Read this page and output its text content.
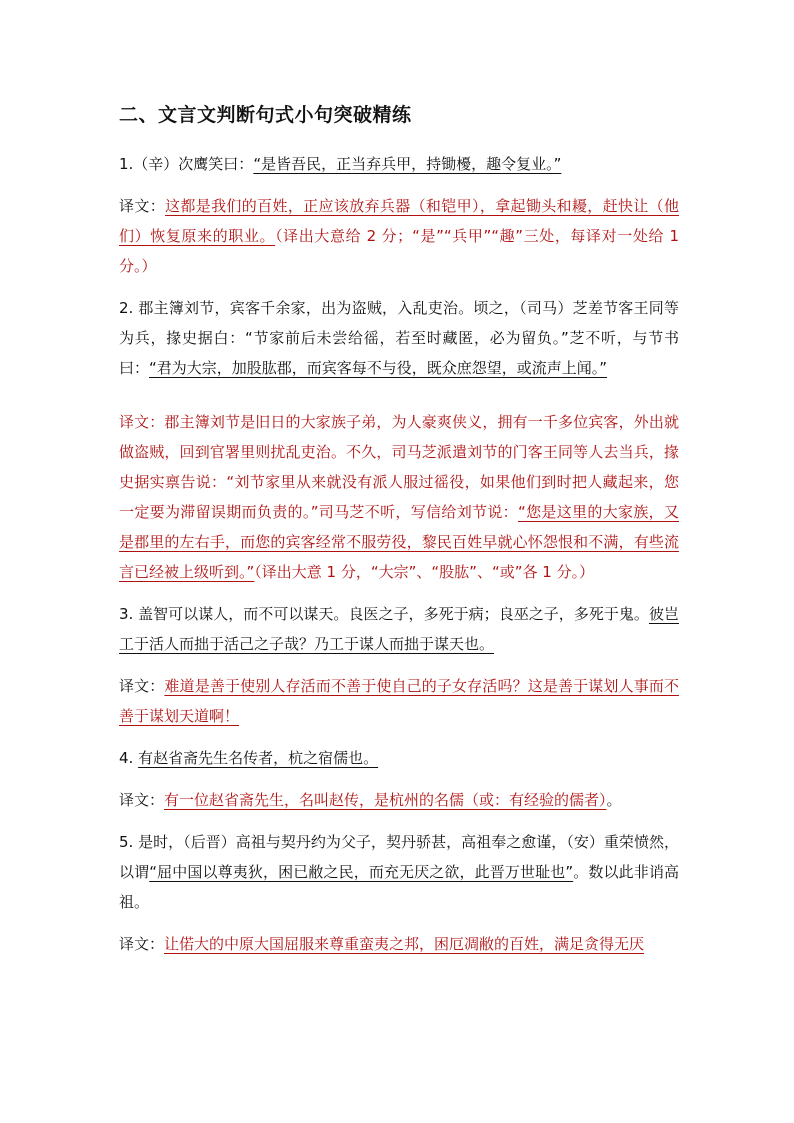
二、文言文判断句式小句突破精练

1.（辛）次鹰笑曰：“是皆吾民，正当弃兵甲，持锄櫌，趣令复业。”

译文：这都是我们的百姓，正应该放弃兵器（和铠甲），拿起锄头和耰，赶快让（他们）恢复原来的职业。（译出大意给 2 分；“是”“兵甲”“趣”三处，每译对一处给 1 分。）

2. 郡主簿刘节，宾客千余家，出为盗贼，入乱吏治。顷之，（司马）芝差节客王同等为兵，掾史据白：“节家前后未尝给徭，若至时藏匿，必为留负。”芝不听，与节书曰：“君为大宗，加股肱郡，而宾客每不与役，既众庶怨望，或流声上闻。”

译文：郡主簿刘节是旧日的大家族子弟，为人豪爽侠义，拥有一千多位宾客，外出就做盗贼，回到官署里则扰乱吏治。不久，司马芝派遣刘节的门客王同等人去当兵，掾史据实禀告说：“刘节家里从来就没有派人服过徭役，如果他们到时把人藏起来，您一定要为滞留误期而负责的。”司马芝不听，写信给刘节说：“您是这里的大家族，又是郡里的左右手，而您的宾客经常不服劳役，黎民百姓早就心怀怨恨和不满，有些流言已经被上级听到。”（译出大意 1 分，“大宗”、“股肱”、“或”各 1 分。）

3. 盖智可以谋人，而不可以谋天。良医之子，多死于病；良巫之子，多死于鬼。彼岂工于活人而拙于活己之子哉？乃工于谋人而拙于谋天也。

译文：难道是善于使别人存活而不善于使自己的子女存活吗？这是善于谋划人事而不善于谋划天道啊！

4. 有赵省斋先生名传者，杭之宿儒也。

译文：有一位赵省斋先生，名叫赵传，是杭州的名儒（或：有经验的儒者）。

5. 是时，（后晋）高祖与契丹约为父子，契丹骄甚，高祖奉之愈谨，（安）重荣愤然，以谓“屈中国以尊夷狄，困已敝之民，而充无厌之欲，此晋万世耻也”。数以此非诮高祖。

译文：让偌大的中原大国屈服来尊重蛮夷之邦，困厄凋敝的百姓，满足贪得无厌
